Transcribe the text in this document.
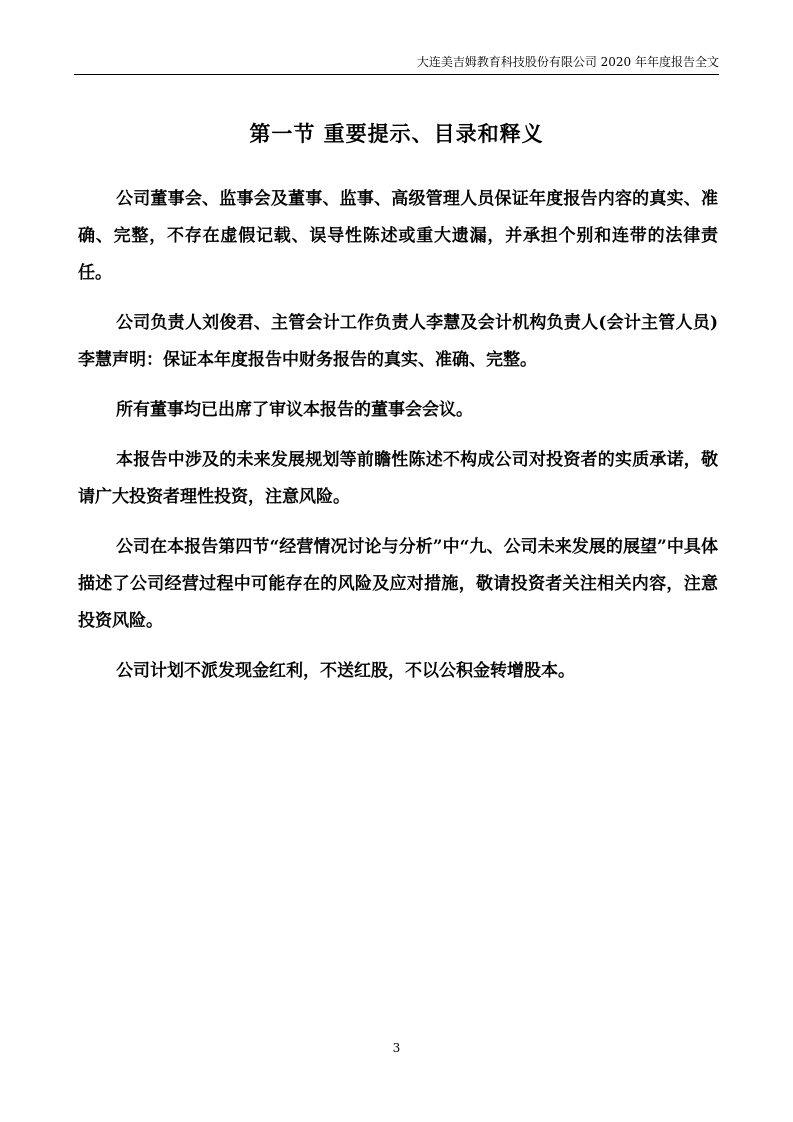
大连美吉姆教育科技股份有限公司 2020 年年度报告全文
第一节 重要提示、目录和释义

公司董事会、监事会及董事、监事、高级管理人员保证年度报告内容的真实、准确、完整，不存在虚假记载、误导性陈述或重大遗漏，并承担个别和连带的法律责任。

公司负责人刘俊君、主管会计工作负责人李慧及会计机构负责人(会计主管人员)李慧声明：保证本年度报告中财务报告的真实、准确、完整。

所有董事均已出席了审议本报告的董事会会议。

本报告中涉及的未来发展规划等前瞻性陈述不构成公司对投资者的实质承诺，敬请广大投资者理性投资，注意风险。

公司在本报告第四节“经营情况讨论与分析”中“九、公司未来发展的展望”中具体描述了公司经营过程中可能存在的风险及应对措施，敬请投资者关注相关内容，注意投资风险。

公司计划不派发现金红利，不送红股，不以公积金转增股本。

3
